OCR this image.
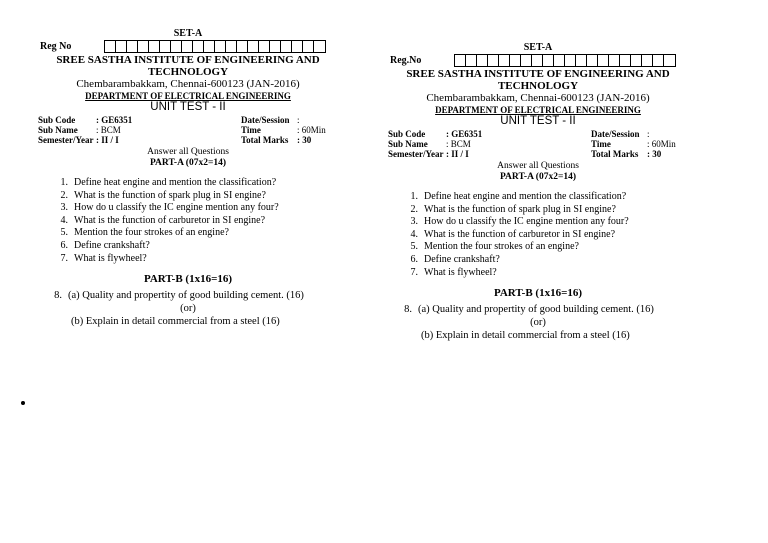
SET-A
Reg No
SREE SASTHA INSTITUTE OF ENGINEERING AND
TECHNOLOGY
Chembarambakkam, Chennai-600123 (JAN-2016)
DEPARTMENT OF ELECTRICAL ENGINEERING
UNIT TEST - II
Sub Code	: GE6351	Date/Session :
Sub Name	: BCM	Time	: 60Min
Semester/Year : II / I	Total Marks : 30
Answer all Questions
PART-A (07x2=14)
1. Define heat engine and mention the classification?
2. What is the function of spark plug in SI engine?
3. How do u classify the IC engine mention any four?
4. What is the function of carburetor in SI engine?
5. Mention the four strokes of an engine?
6. Define crankshaft?
7. What is flywheel?
PART-B (1x16=16)
8. (a) Quality and propertity of good building cement. (16)
(or)
(b) Explain in detail commercial from a steel (16)
SET-A
Reg.No
SREE SASTHA INSTITUTE OF ENGINEERING AND
TECHNOLOGY
Chembarambakkam, Chennai-600123 (JAN-2016)
DEPARTMENT OF ELECTRICAL ENGINEERING
UNIT TEST - II
Sub Code	: GE6351	Date/Session :
Sub Name	: BCM	Time	: 60Min
Semester/Year : II / I	Total Marks : 30
Answer all Questions
PART-A (07x2=14)
1. Define heat engine and mention the classification?
2. What is the function of spark plug in SI engine?
3. How do u classify the IC engine mention any four?
4. What is the function of carburetor in SI engine?
5. Mention the four strokes of an engine?
6. Define crankshaft?
7. What is flywheel?
PART-B (1x16=16)
8. (a) Quality and propertity of good building cement. (16)
(or)
(b) Explain in detail commercial from a steel (16)
